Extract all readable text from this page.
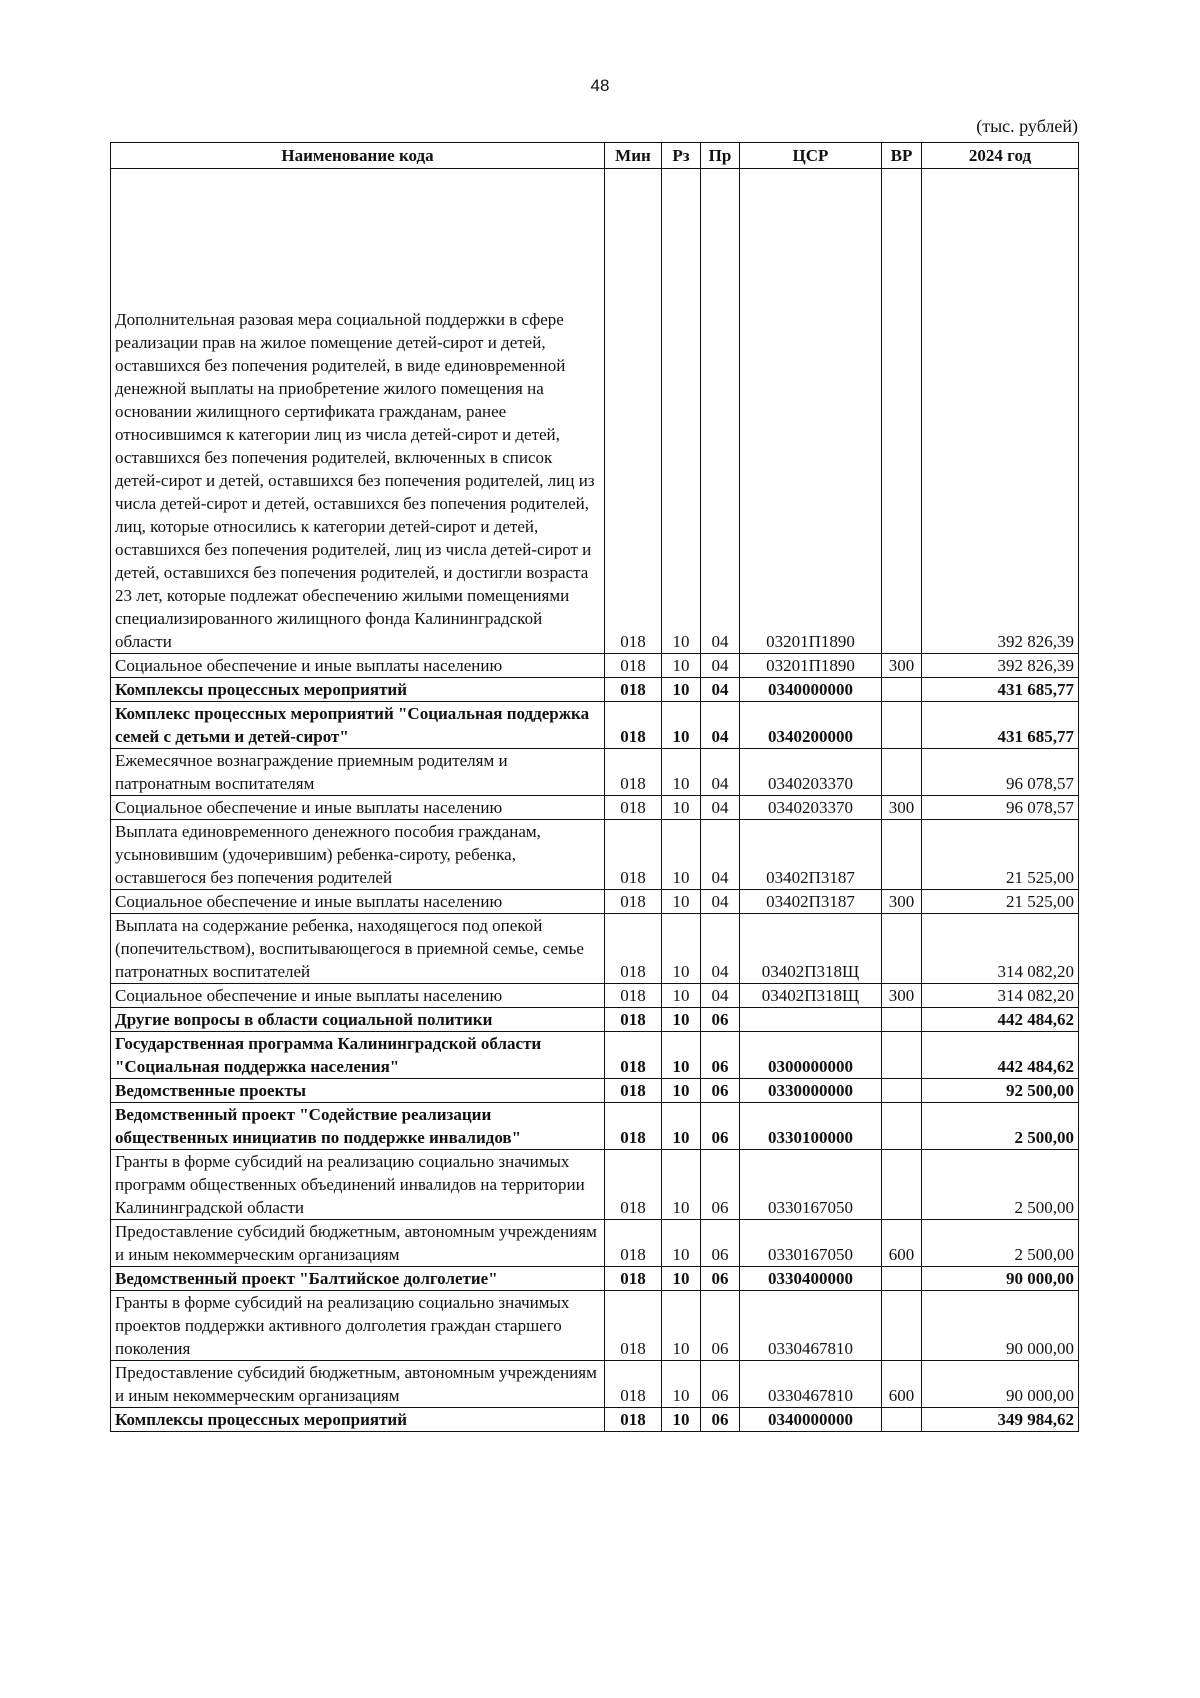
48
(тыс. рублей)
Наименование кода	Мин	Рз	Пр	ЦСР	ВР	2024 год
Дополнительная разовая мера социальной поддержки в сфере реализации прав на жилое помещение детей-сирот и детей, оставшихся без попечения родителей, в виде единовременной денежной выплаты на приобретение жилого помещения на основании жилищного сертификата гражданам, ранее относившимся к категории лиц из числа детей-сирот и детей, оставшихся без попечения родителей, включенных в список детей-сирот и детей, оставшихся без попечения родителей, лиц из числа детей-сирот и детей, оставшихся без попечения родителей, лиц, которые относились к категории детей-сирот и детей, оставшихся без попечения родителей, лиц из числа детей-сирот и детей, оставшихся без попечения родителей, и достигли возраста 23 лет, которые подлежат обеспечению жилыми помещениями специализированного жилищного фонда Калининградской области	018	10	04	03201П1890		392 826,39
Социальное обеспечение и иные выплаты населению	018	10	04	03201П1890	300	392 826,39
Комплексы процессных мероприятий	018	10	04	0340000000		431 685,77
Комплекс процессных мероприятий "Социальная поддержка семей с детьми и детей-сирот"	018	10	04	0340200000		431 685,77
Ежемесячное вознаграждение приемным родителям и патронатным воспитателям	018	10	04	0340203370		96 078,57
Социальное обеспечение и иные выплаты населению	018	10	04	0340203370	300	96 078,57
Выплата единовременного денежного пособия гражданам, усыновившим (удочерившим) ребенка-сироту, ребенка, оставшегося без попечения родителей	018	10	04	03402П3187		21 525,00
Социальное обеспечение и иные выплаты населению	018	10	04	03402П3187	300	21 525,00
Выплата на содержание ребенка, находящегося под опекой (попечительством), воспитывающегося в приемной семье, семье патронатных воспитателей	018	10	04	03402П318Щ		314 082,20
Социальное обеспечение и иные выплаты населению	018	10	04	03402П318Щ	300	314 082,20
Другие вопросы в области социальной политики	018	10	06			442 484,62
Государственная программа Калининградской области "Социальная поддержка населения"	018	10	06	0300000000		442 484,62
Ведомственные проекты	018	10	06	0330000000		92 500,00
Ведомственный проект "Содействие реализации общественных инициатив по поддержке инвалидов"	018	10	06	0330100000		2 500,00
Гранты в форме субсидий на реализацию социально значимых программ общественных объединений инвалидов на территории Калининградской области	018	10	06	0330167050		2 500,00
Предоставление субсидий бюджетным, автономным учреждениям и иным некоммерческим организациям	018	10	06	0330167050	600	2 500,00
Ведомственный проект "Балтийское долголетие"	018	10	06	0330400000		90 000,00
Гранты в форме субсидий на реализацию социально значимых проектов поддержки активного долголетия граждан старшего поколения	018	10	06	0330467810		90 000,00
Предоставление субсидий бюджетным, автономным учреждениям и иным некоммерческим организациям	018	10	06	0330467810	600	90 000,00
Комплексы процессных мероприятий	018	10	06	0340000000		349 984,62
